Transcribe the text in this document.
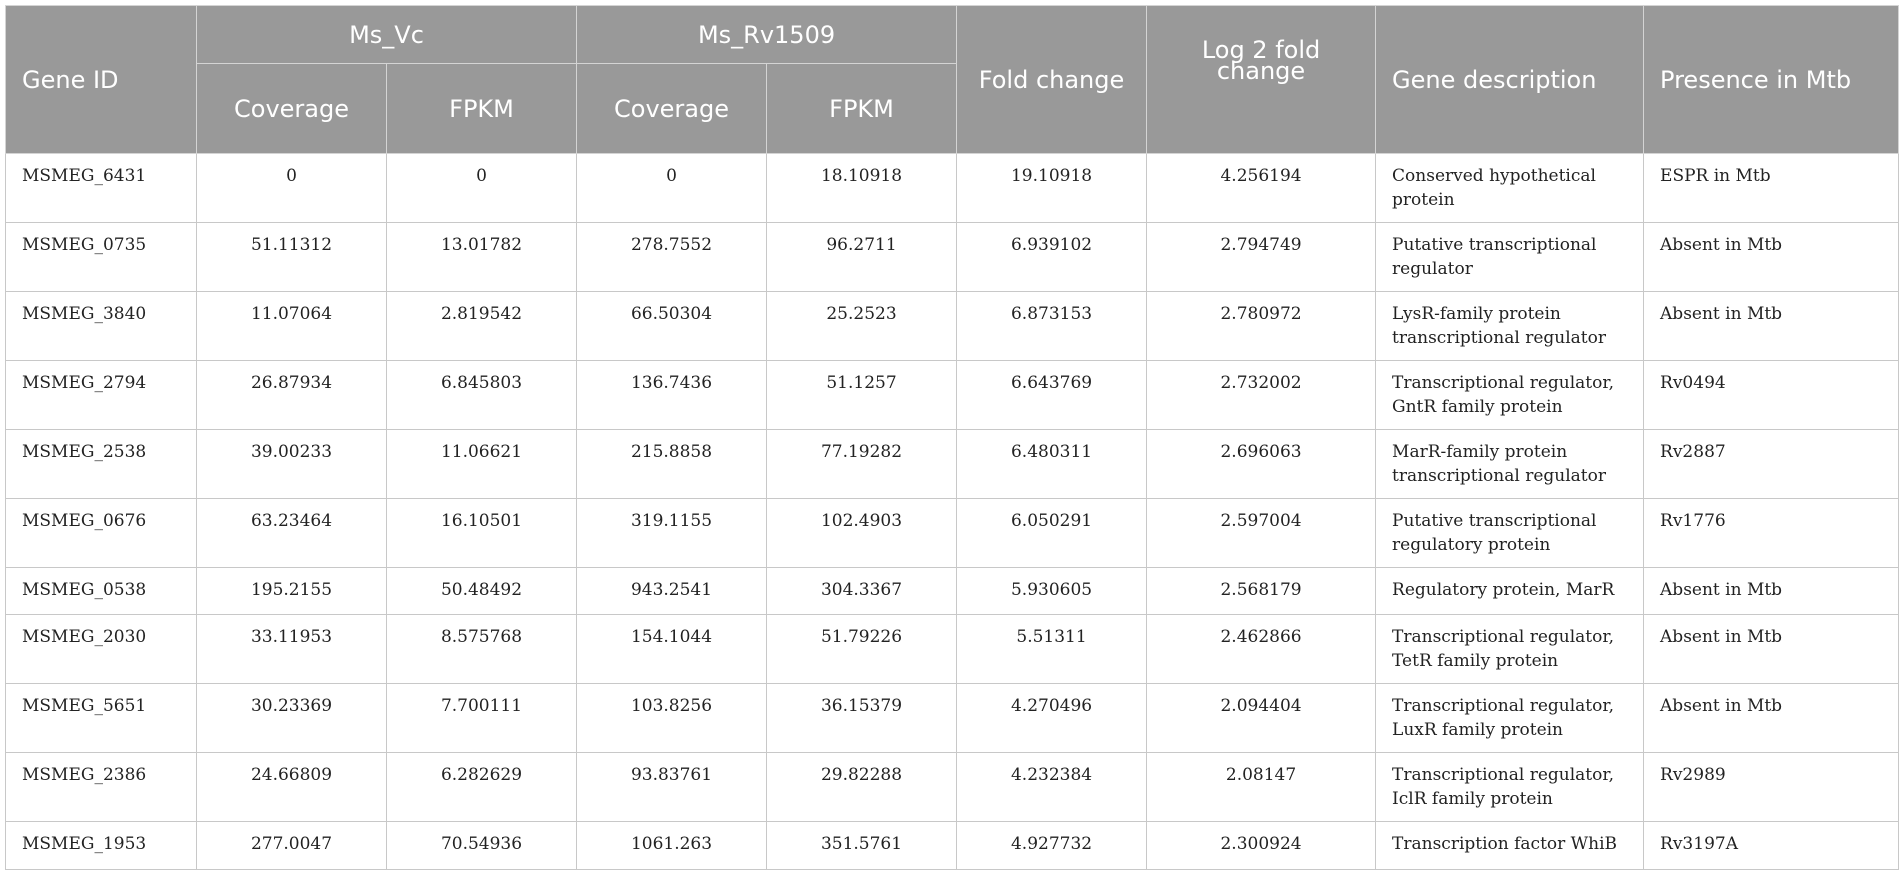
Gene ID	Ms_Vc		Ms_Rv1509		Fold change	Log 2 fold change	Gene description	Presence in Mtb
	Coverage	FPKM	Coverage	FPKM				
MSMEG_6431	0	0	0	18.10918	19.10918	4.256194	Conserved hypothetical protein	ESPR in Mtb
MSMEG_0735	51.11312	13.01782	278.7552	96.2711	6.939102	2.794749	Putative transcriptional regulator	Absent in Mtb
MSMEG_3840	11.07064	2.819542	66.50304	25.2523	6.873153	2.780972	LysR-family protein transcriptional regulator	Absent in Mtb
MSMEG_2794	26.87934	6.845803	136.7436	51.1257	6.643769	2.732002	Transcriptional regulator, GntR family protein	Rv0494
MSMEG_2538	39.00233	11.06621	215.8858	77.19282	6.480311	2.696063	MarR-family protein transcriptional regulator	Rv2887
MSMEG_0676	63.23464	16.10501	319.1155	102.4903	6.050291	2.597004	Putative transcriptional regulatory protein	Rv1776
MSMEG_0538	195.2155	50.48492	943.2541	304.3367	5.930605	2.568179	Regulatory protein, MarR	Absent in Mtb
MSMEG_2030	33.11953	8.575768	154.1044	51.79226	5.51311	2.462866	Transcriptional regulator, TetR family protein	Absent in Mtb
MSMEG_5651	30.23369	7.700111	103.8256	36.15379	4.270496	2.094404	Transcriptional regulator, LuxR family protein	Absent in Mtb
MSMEG_2386	24.66809	6.282629	93.83761	29.82288	4.232384	2.08147	Transcriptional regulator, IclR family protein	Rv2989
MSMEG_1953	277.0047	70.54936	1061.263	351.5761	4.927732	2.300924	Transcription factor WhiB	Rv3197A
